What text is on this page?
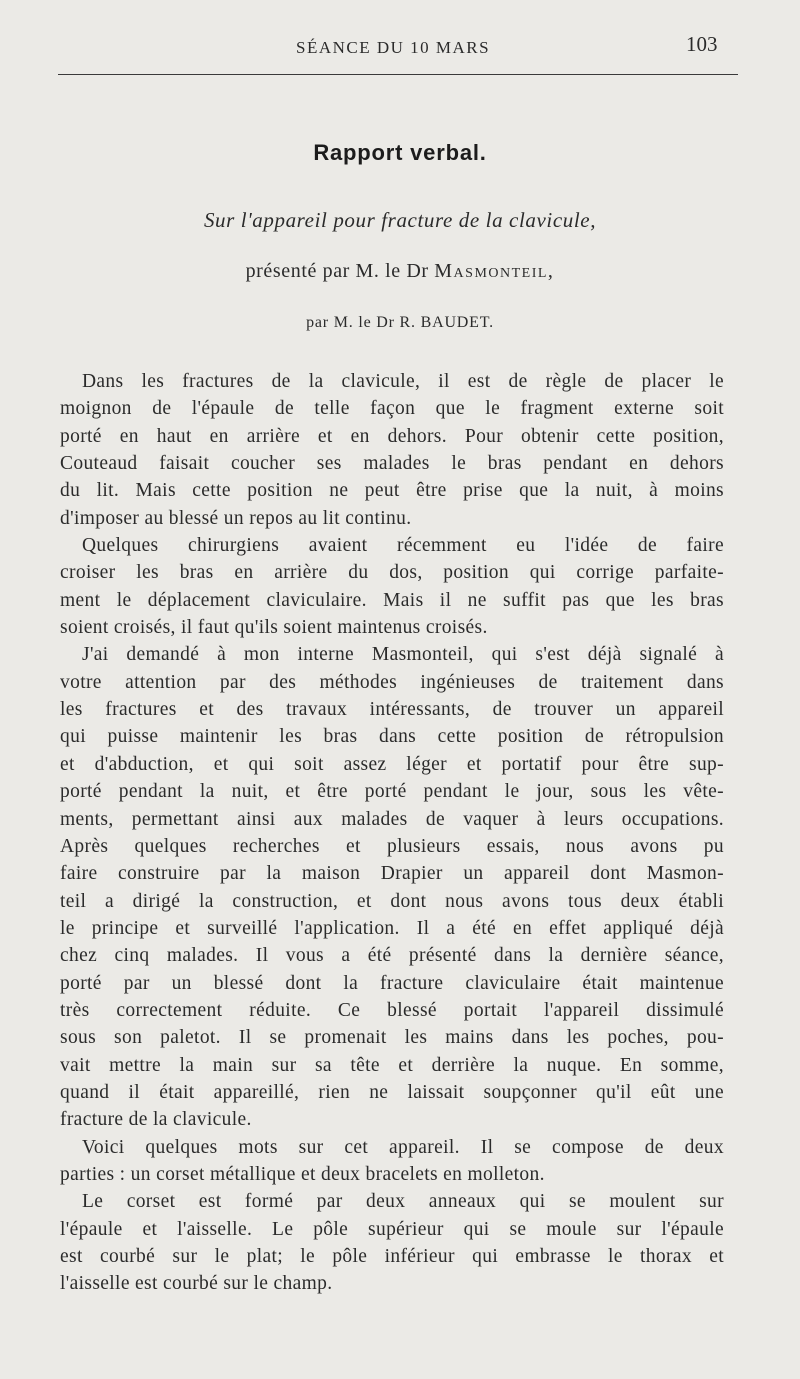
SÉANCE DU 10 MARS	103
Rapport verbal.
Sur l'appareil pour fracture de la clavicule,
présenté par M. le Dr Masmonteil,
par M. le Dr R. BAUDET.
Dans les fractures de la clavicule, il est de règle de placer le
moignon de l'épaule de telle façon que le fragment externe soit
porté en haut en arrière et en dehors. Pour obtenir cette position,
Couteaud faisait coucher ses malades le bras pendant en dehors
du lit. Mais cette position ne peut être prise que la nuit, à moins
d'imposer au blessé un repos au lit continu.
Quelques chirurgiens avaient récemment eu l'idée de faire
croiser les bras en arrière du dos, position qui corrige parfaite-
ment le déplacement claviculaire. Mais il ne suffit pas que les bras
soient croisés, il faut qu'ils soient maintenus croisés.
J'ai demandé à mon interne Masmonteil, qui s'est déjà signalé à
votre attention par des méthodes ingénieuses de traitement dans
les fractures et des travaux intéressants, de trouver un appareil
qui puisse maintenir les bras dans cette position de rétropulsion
et d'abduction, et qui soit assez léger et portatif pour être sup-
porté pendant la nuit, et être porté pendant le jour, sous les vête-
ments, permettant ainsi aux malades de vaquer à leurs occupations.
Après quelques recherches et plusieurs essais, nous avons pu
faire construire par la maison Drapier un appareil dont Masmon-
teil a dirigé la construction, et dont nous avons tous deux établi
le principe et surveillé l'application. Il a été en effet appliqué déjà
chez cinq malades. Il vous a été présenté dans la dernière séance,
porté par un blessé dont la fracture claviculaire était maintenue
très correctement réduite. Ce blessé portait l'appareil dissimulé
sous son paletot. Il se promenait les mains dans les poches, pou-
vait mettre la main sur sa tête et derrière la nuque. En somme,
quand il était appareillé, rien ne laissait soupçonner qu'il eût une
fracture de la clavicule.
Voici quelques mots sur cet appareil. Il se compose de deux
parties : un corset métallique et deux bracelets en molleton.
Le corset est formé par deux anneaux qui se moulent sur
l'épaule et l'aisselle. Le pôle supérieur qui se moule sur l'épaule
est courbé sur le plat; le pôle inférieur qui embrasse le thorax et
l'aisselle est courbé sur le champ.
